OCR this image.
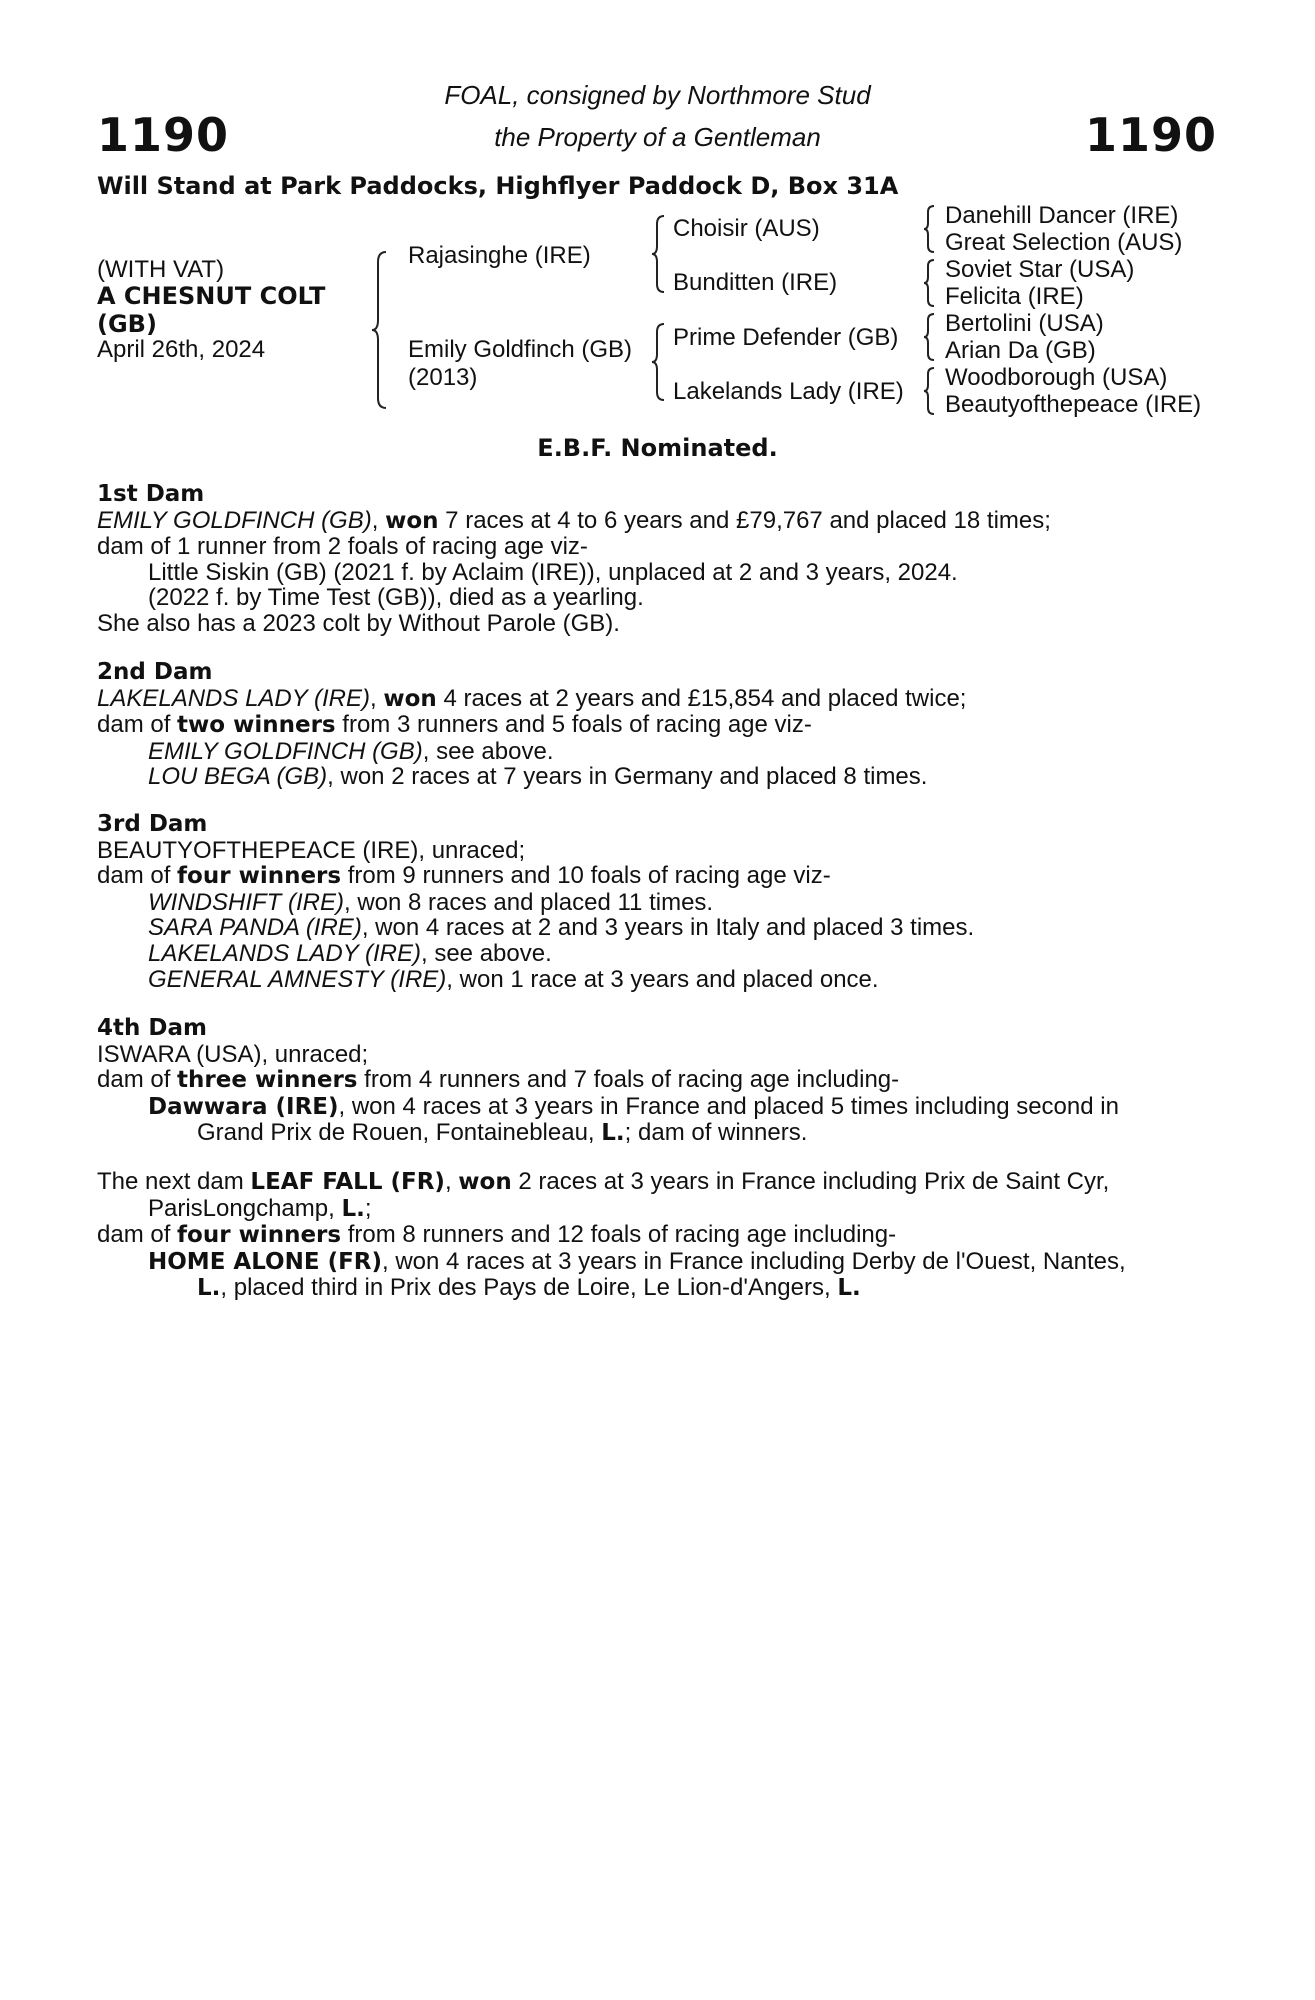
1190	1190
FOAL, consigned by Northmore Stud
the Property of a Gentleman
Will Stand at Park Paddocks, Highflyer Paddock D, Box 31A
(WITH VAT)
A CHESNUT COLT
(GB)
April 26th, 2024
Rajasinghe (IRE)
Emily Goldfinch (GB)
(2013)
Choisir (AUS)
Bunditten (IRE)
Prime Defender (GB)
Lakelands Lady (IRE)
Danehill Dancer (IRE)
Great Selection (AUS)
Soviet Star (USA)
Felicita (IRE)
Bertolini (USA)
Arian Da (GB)
Woodborough (USA)
Beautyofthepeace (IRE)
E.B.F. Nominated.

1st Dam

EMILY GOLDFINCH (GB), won 7 races at 4 to 6 years and £79,767 and placed 18 times;

dam of 1 runner from 2 foals of racing age viz-

Little Siskin (GB) (2021 f. by Aclaim (IRE)), unplaced at 2 and 3 years, 2024.

(2022 f. by Time Test (GB)), died as a yearling.

She also has a 2023 colt by Without Parole (GB).

2nd Dam

LAKELANDS LADY (IRE), won 4 races at 2 years and £15,854 and placed twice;

dam of two winners from 3 runners and 5 foals of racing age viz-

EMILY GOLDFINCH (GB), see above.

LOU BEGA (GB), won 2 races at 7 years in Germany and placed 8 times.

3rd Dam

BEAUTYOFTHEPEACE (IRE), unraced;

dam of four winners from 9 runners and 10 foals of racing age viz-

WINDSHIFT (IRE), won 8 races and placed 11 times.

SARA PANDA (IRE), won 4 races at 2 and 3 years in Italy and placed 3 times.

LAKELANDS LADY (IRE), see above.

GENERAL AMNESTY (IRE), won 1 race at 3 years and placed once.

4th Dam

ISWARA (USA), unraced;

dam of three winners from 4 runners and 7 foals of racing age including-

Dawwara (IRE), won 4 races at 3 years in France and placed 5 times including second in

Grand Prix de Rouen, Fontainebleau, L.; dam of winners.

The next dam LEAF FALL (FR), won 2 races at 3 years in France including Prix de Saint Cyr,

ParisLongchamp, L.;

dam of four winners from 8 runners and 12 foals of racing age including-

HOME ALONE (FR), won 4 races at 3 years in France including Derby de l'Ouest, Nantes,

L., placed third in Prix des Pays de Loire, Le Lion-d'Angers, L.
